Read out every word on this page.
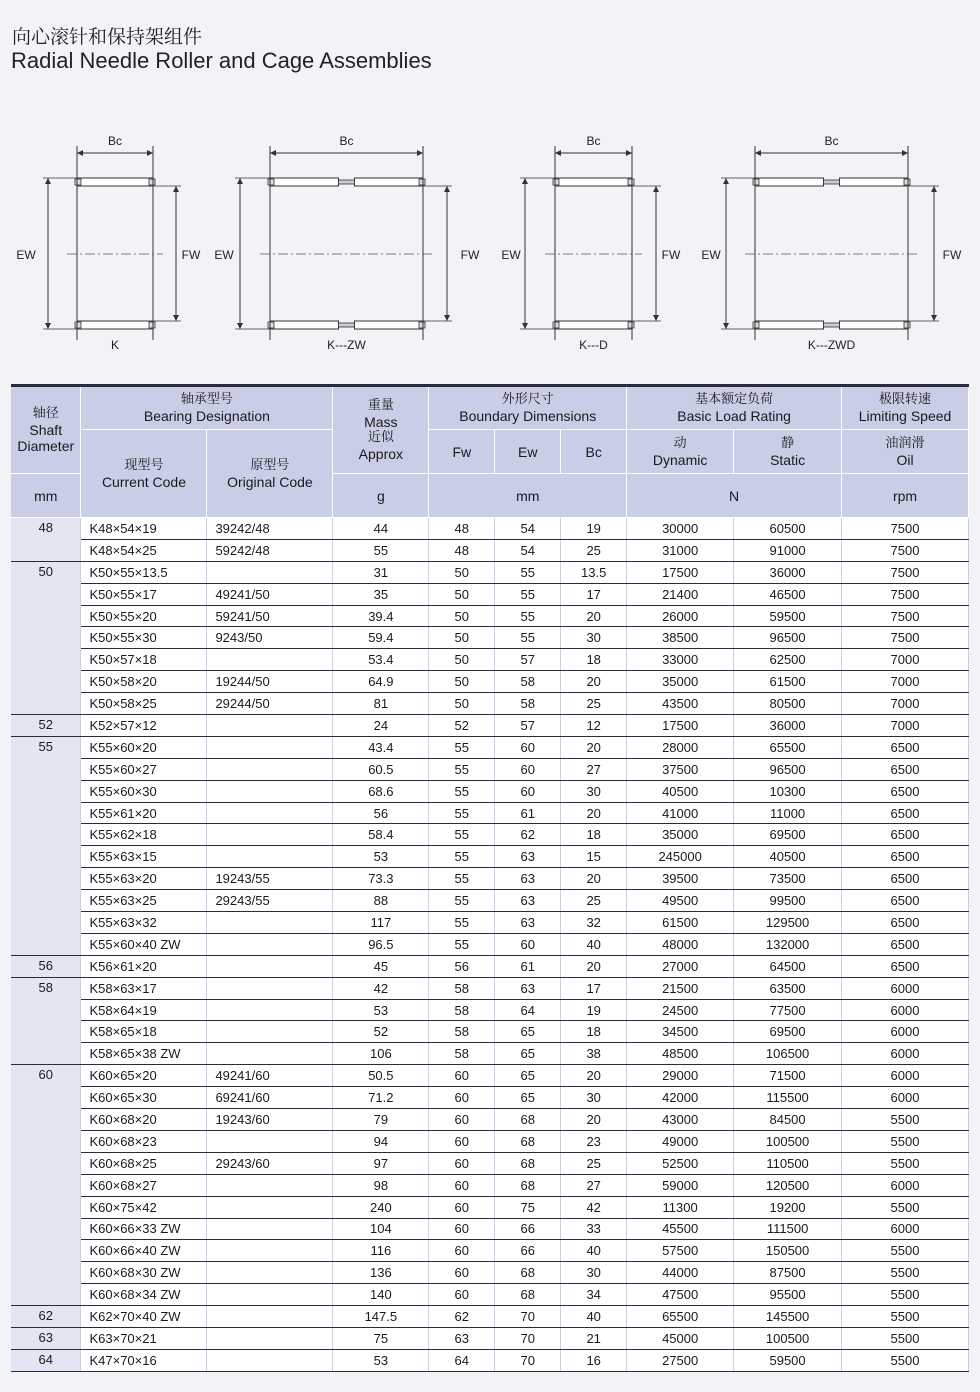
向心滚针和保持架组件
Radial Needle Roller and Cage Assemblies
Bc
EW	FW
K
Bc
EW	FW
K---ZW
Bc
EW	FW
K---D
Bc
EW	FW
K---ZWD
轴径
Shaft
Diameter	轴承型号
Bearing Designation		重量
Mass
近似
Approx	外形尺寸
Boundary Dimensions			基本额定负荷
Basic Load Rating		极限转速
Limiting Speed

	现型号
Current Code	原型号
Original Code		Fw	Ew	Bc	动
Dynamic	静
Static	油润滑
Oil

mm			g	mm			N		rpm
48	K48×54×19	39242/48	44	48	54	19	30000	60500	7500
	K48×54×25	59242/48	55	48	54	25	31000	91000	7500
50	K50×55×13.5		31	50	55	13.5	17500	36000	7500
	K50×55×17	49241/50	35	50	55	17	21400	46500	7500
	K50×55×20	59241/50	39.4	50	55	20	26000	59500	7500
	K50×55×30	9243/50	59.4	50	55	30	38500	96500	7500
	K50×57×18		53.4	50	57	18	33000	62500	7000
	K50×58×20	19244/50	64.9	50	58	20	35000	61500	7000
	K50×58×25	29244/50	81	50	58	25	43500	80500	7000
52	K52×57×12		24	52	57	12	17500	36000	7000
55	K55×60×20		43.4	55	60	20	28000	65500	6500
	K55×60×27		60.5	55	60	27	37500	96500	6500
	K55×60×30		68.6	55	60	30	40500	10300	6500
	K55×61×20		56	55	61	20	41000	11000	6500
	K55×62×18		58.4	55	62	18	35000	69500	6500
	K55×63×15		53	55	63	15	245000	40500	6500
	K55×63×20	19243/55	73.3	55	63	20	39500	73500	6500
	K55×63×25	29243/55	88	55	63	25	49500	99500	6500
	K55×63×32		117	55	63	32	61500	129500	6500
	K55×60×40 ZW		96.5	55	60	40	48000	132000	6500
56	K56×61×20		45	56	61	20	27000	64500	6500
58	K58×63×17		42	58	63	17	21500	63500	6000
	K58×64×19		53	58	64	19	24500	77500	6000
	K58×65×18		52	58	65	18	34500	69500	6000
	K58×65×38 ZW		106	58	65	38	48500	106500	6000
60	K60×65×20	49241/60	50.5	60	65	20	29000	71500	6000
	K60×65×30	69241/60	71.2	60	65	30	42000	115500	6000
	K60×68×20	19243/60	79	60	68	20	43000	84500	5500
	K60×68×23		94	60	68	23	49000	100500	5500
	K60×68×25	29243/60	97	60	68	25	52500	110500	5500
	K60×68×27		98	60	68	27	59000	120500	6000
	K60×75×42		240	60	75	42	11300	19200	5500
	K60×66×33 ZW		104	60	66	33	45500	111500	6000
	K60×66×40 ZW		116	60	66	40	57500	150500	5500
	K60×68×30 ZW		136	60	68	30	44000	87500	5500
	K60×68×34 ZW		140	60	68	34	47500	95500	5500
62	K62×70×40 ZW		147.5	62	70	40	65500	145500	5500
63	K63×70×21		75	63	70	21	45000	100500	5500
64	K47×70×16		53	64	70	16	27500	59500	5500
